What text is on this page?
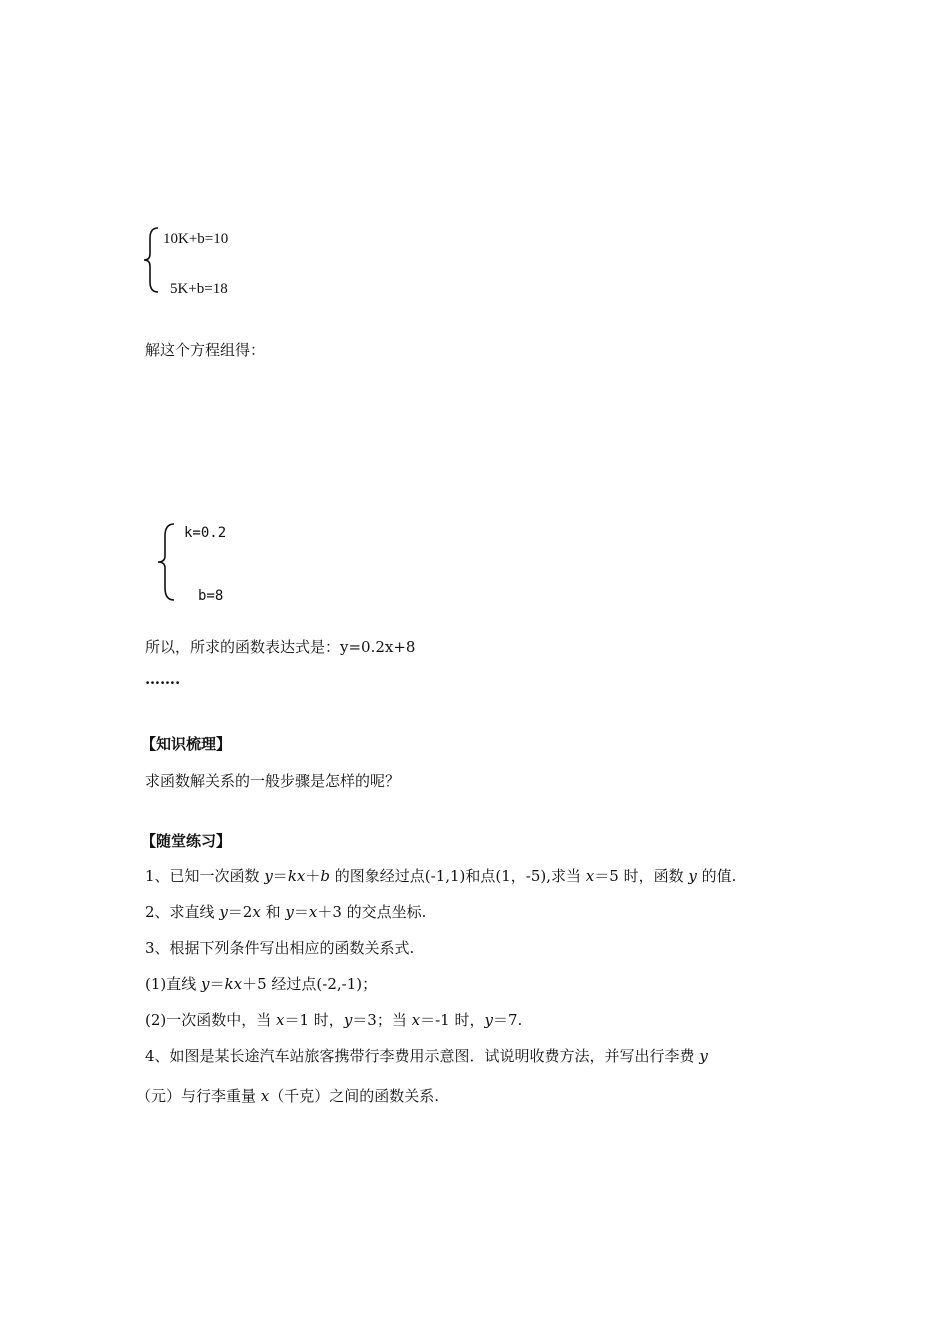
10K+b=10
5K+b=18
解这个方程组得：
k=0.2
b=8
所以，所求的函数表达式是：y=0.2x+8
…….
【知识梳理】
求函数解关系的一般步骤是怎样的呢？
【随堂练习】
1、已知一次函数 y＝kx＋b 的图象经过点(-1,1)和点(1，-5),求当 x＝5 时，函数 y 的值.
2、求直线 y＝2x 和 y＝x＋3 的交点坐标.
3、根据下列条件写出相应的函数关系式.
(1)直线 y＝kx＋5 经过点(-2,-1)；
(2)一次函数中，当 x＝1 时，y＝3；当 x＝-1 时，y＝7.
4、如图是某长途汽车站旅客携带行李费用示意图．试说明收费方法，并写出行李费 y
（元）与行李重量 x（千克）之间的函数关系.
